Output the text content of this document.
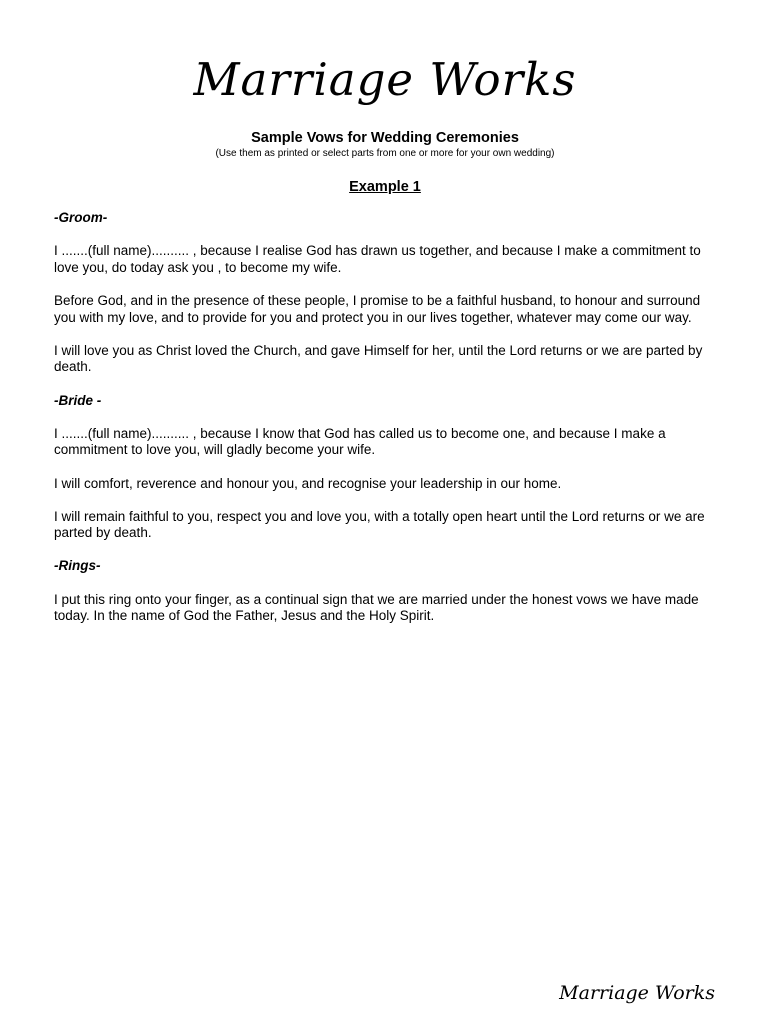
Marriage Works
Sample Vows for Wedding Ceremonies
(Use them as printed or select parts from one or more for your own wedding)
Example 1

-Groom-

I .......(full name).......... , because I realise God has drawn us together, and because I make a commitment to love you, do today ask you , to become my wife.

Before God, and in the presence of these people, I promise to be a faithful husband, to honour and surround you with my love, and to provide for you and protect you in our lives together, whatever may come our way.

I will love you as Christ loved the Church, and gave Himself for her, until the Lord returns or we are parted by death.

-Bride -

I .......(full name).......... , because I know that God has called us to become one, and because I make a commitment to love you, will gladly become your wife.

I will comfort, reverence and honour you, and recognise your leadership in our home.

I will remain faithful to you, respect you and love you, with a totally open heart until the Lord returns or we are parted by death.

-Rings-

I put this ring onto your finger, as a continual sign that we are married under the honest vows we have made today. In the name of God the Father, Jesus and the Holy Spirit.

Marriage Works
